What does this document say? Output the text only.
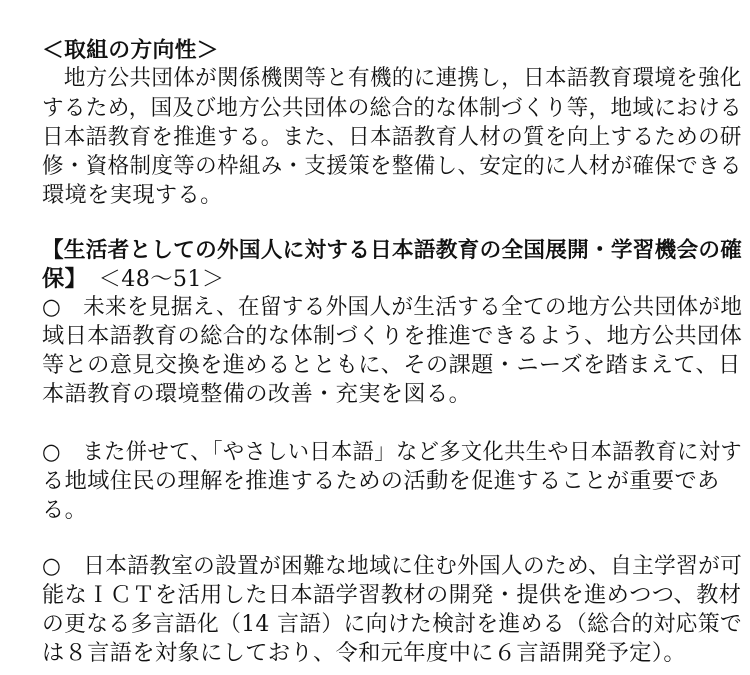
＜取組の方向性＞
　地方公共団体が関係機関等と有機的に連携し，日本語教育環境を強化
するため，国及び地方公共団体の総合的な体制づくり等，地域における
日本語教育を推進する。また、日本語教育人材の質を向上するための研
修・資格制度等の枠組み・支援策を整備し、安定的に人材が確保できる
環境を実現する。
【生活者としての外国人に対する日本語教育の全国展開・学習機会の確
保】　＜48～51＞
○　未来を見据え、在留する外国人が生活する全ての地方公共団体が地
域日本語教育の総合的な体制づくりを推進できるよう、地方公共団体
等との意見交換を進めるとともに、その課題・ニーズを踏まえて、日
本語教育の環境整備の改善・充実を図る。
○　また併せて、「やさしい日本語」など多文化共生や日本語教育に対す
る地域住民の理解を推進するための活動を促進することが重要であ
る。
○　日本語教室の設置が困難な地域に住む外国人のため、自主学習が可
能なＩＣＴを活用した日本語学習教材の開発・提供を進めつつ、教材
の更なる多言語化（14 言語）に向けた検討を進める（総合的対応策で
は８言語を対象にしており、令和元年度中に６言語開発予定）。
